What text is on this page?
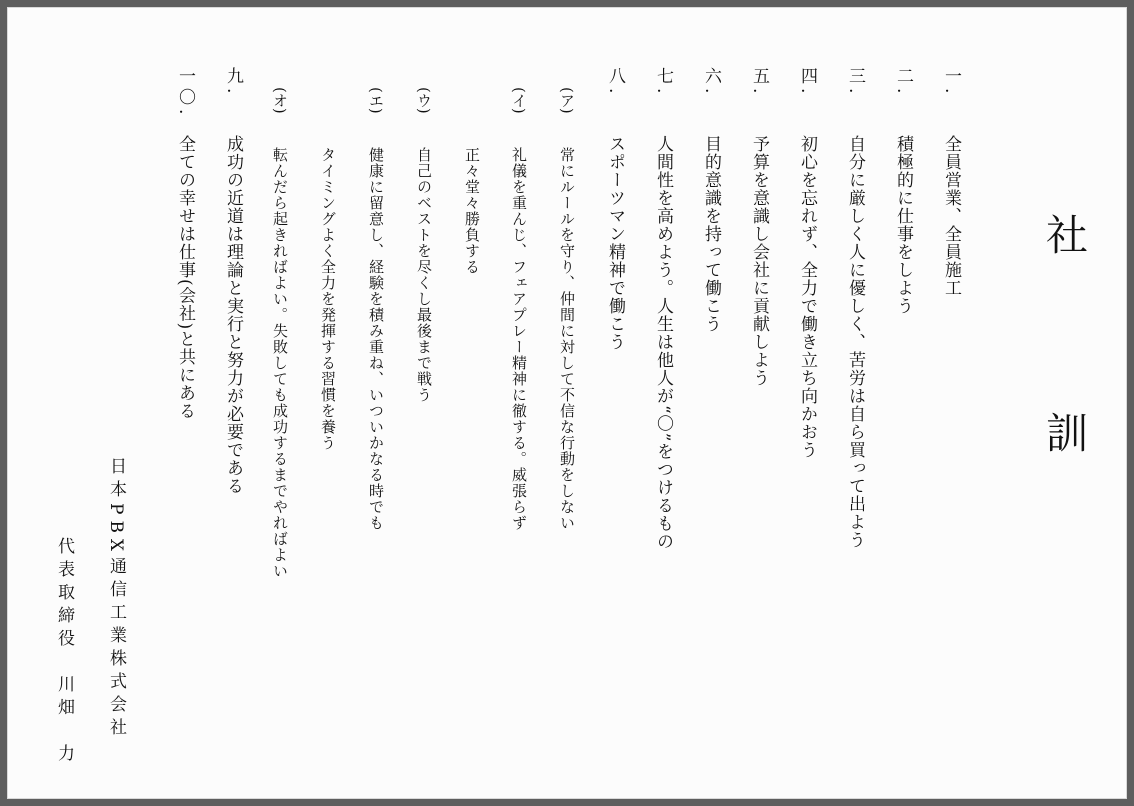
社
訓
一.
全員営業、全員施工
二.
積極的に仕事をしよう
三.
自分に厳しく人に優しく、苦労は自ら買って出よう
四.
初心を忘れず、全力で働き立ち向かおう
五.
予算を意識し会社に貢献しよう
六.
目的意識を持って働こう
七.
人間性を高めよう。人生は他人が“〇”をつけるもの
八.
スポーツマン精神で働こう
(ア)
常にルールを守り、仲間に対して不信な行動をしない
(イ)
礼儀を重んじ、フェアプレー精神に徹する。威張らず
正々堂々勝負する
(ウ)
自己のベストを尽くし最後まで戦う
(エ)
健康に留意し、経験を積み重ね、いついかなる時でも
タイミングよく全力を発揮する習慣を養う
(オ)
転んだら起きればよい。失敗しても成功するまでやればよい
九.
成功の近道は理論と実行と努力が必要である
一〇.
全ての幸せは仕事(会社)と共にある
日本PBX通信工業株式会社
代表取締役　川畑　力
